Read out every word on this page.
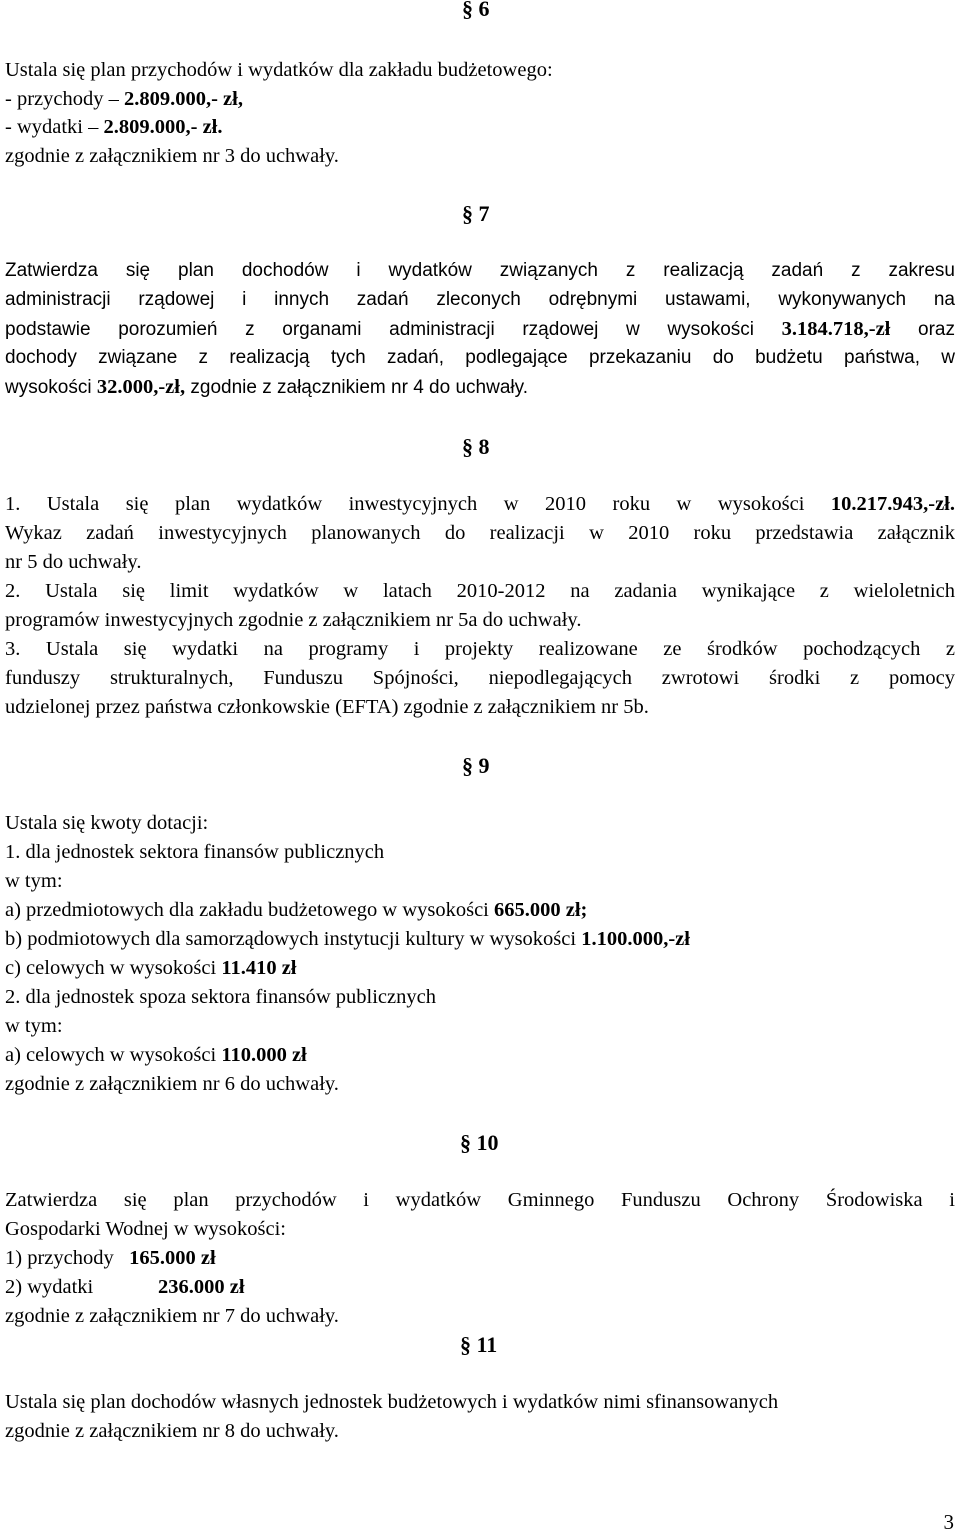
§ 6
Ustala się plan przychodów i wydatków dla zakładu budżetowego:
- przychody – 2.809.000,- zł,
- wydatki – 2.809.000,- zł.
zgodnie z załącznikiem nr 3 do uchwały.
§ 7
Zatwierdza się plan dochodów i wydatków związanych z realizacją zadań z zakresu
administracji rządowej i innych zadań zleconych odrębnymi ustawami, wykonywanych na
podstawie porozumień z organami administracji rządowej w wysokości 3.184.718,-zł oraz
dochody związane z realizacją tych zadań, podlegające przekazaniu do budżetu państwa, w
wysokości 32.000,-zł, zgodnie z załącznikiem nr 4 do uchwały.
§ 8
1. Ustala się plan wydatków inwestycyjnych w 2010 roku w wysokości 10.217.943,-zł.
Wykaz zadań inwestycyjnych planowanych do realizacji w 2010 roku przedstawia załącznik
nr 5 do uchwały.
2. Ustala się limit wydatków w latach 2010-2012 na zadania wynikające z wieloletnich
programów inwestycyjnych zgodnie z załącznikiem nr 5a do uchwały.
3. Ustala się wydatki na programy i projekty realizowane ze środków pochodzących z
funduszy strukturalnych, Funduszu Spójności, niepodlegających zwrotowi środki z pomocy
udzielonej przez państwa członkowskie (EFTA) zgodnie z załącznikiem nr 5b.
§ 9
Ustala się kwoty dotacji:
1. dla jednostek sektora finansów publicznych
w tym:
a) przedmiotowych dla zakładu budżetowego w wysokości 665.000 zł;
b) podmiotowych dla samorządowych instytucji kultury w wysokości 1.100.000,-zł
c) celowych w wysokości 11.410 zł
2. dla jednostek spoza sektora finansów publicznych
w tym:
a) celowych w wysokości 110.000 zł
zgodnie z załącznikiem nr 6 do uchwały.
§ 10
Zatwierdza się plan przychodów i wydatków Gminnego Funduszu Ochrony Środowiska i
Gospodarki Wodnej w wysokości:
1) przychody   165.000 zł
2) wydatki     236.000 zł
zgodnie z załącznikiem nr 7 do uchwały.
§ 11
Ustala się plan dochodów własnych jednostek budżetowych i wydatków nimi sfinansowanych
zgodnie z załącznikiem nr 8 do uchwały.
3
